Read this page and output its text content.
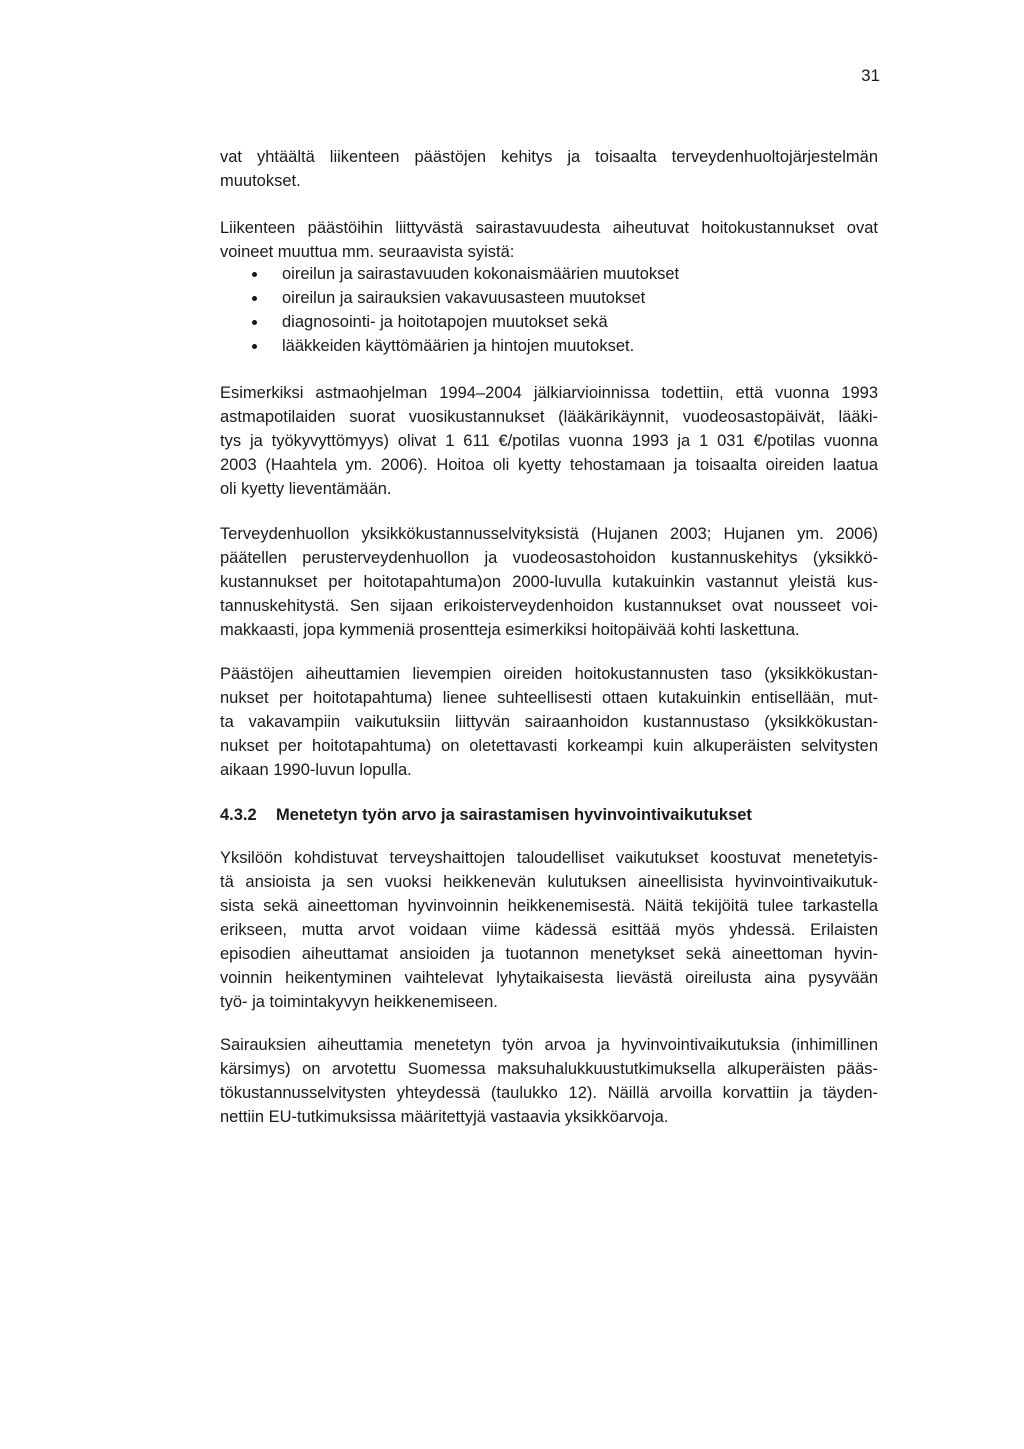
31
vat yhtäältä liikenteen päästöjen kehitys ja toisaalta terveydenhuoltojärjestelmän
muutokset.
Liikenteen päästöihin liittyvästä sairastavuudesta aiheutuvat hoitokustannukset ovat
voineet muuttua mm. seuraavista syistä:
oireilun ja sairastavuuden kokonaismäärien muutokset
oireilun ja sairauksien vakavuusasteen muutokset
diagnosointi- ja hoitotapojen muutokset sekä
lääkkeiden käyttömäärien ja hintojen muutokset.
Esimerkiksi astmaohjelman 1994–2004 jälkiarvioinnissa todettiin, että vuonna 1993
astmapotilaiden suorat vuosikustannukset (lääkärikäynnit, vuodeosastopäivät, lääki-
tys ja työkyvyttömyys) olivat 1 611 €/potilas vuonna 1993 ja 1 031 €/potilas vuonna
2003 (Haahtela ym. 2006). Hoitoa oli kyetty tehostamaan ja toisaalta oireiden laatua
oli kyetty lieventämään.
Terveydenhuollon yksikkökustannusselvityksistä (Hujanen 2003; Hujanen ym. 2006)
päätellen perusterveydenhuollon ja vuodeosastohoidon kustannuskehitys (yksikkö-
kustannukset per hoitotapahtuma)on 2000-luvulla kutakuinkin vastannut yleistä kus-
tannuskehitystä. Sen sijaan erikoisterveydenhoidon kustannukset ovat nousseet voi-
makkaasti, jopa kymmeniä prosentteja esimerkiksi hoitopäivää kohti laskettuna.
Päästöjen aiheuttamien lievempien oireiden hoitokustannusten taso (yksikkökustan-
nukset per hoitotapahtuma) lienee suhteellisesti ottaen kutakuinkin entisellään, mut-
ta vakavampiin vaikutuksiin liittyvän sairaanhoidon kustannustaso (yksikkökustan-
nukset per hoitotapahtuma) on oletettavasti korkeampi kuin alkuperäisten selvitysten
aikaan 1990-luvun lopulla.
4.3.2 Menetetyn työn arvo ja sairastamisen hyvinvointivaikutukset
Yksilöön kohdistuvat terveyshaittojen taloudelliset vaikutukset koostuvat menetetyis-
tä ansioista ja sen vuoksi heikkenevän kulutuksen aineellisista hyvinvointivaikutuk-
sista sekä aineettoman hyvinvoinnin heikkenemisestä. Näitä tekijöitä tulee tarkastella
erikseen, mutta arvot voidaan viime kädessä esittää myös yhdessä. Erilaisten
episodien aiheuttamat ansioiden ja tuotannon menetykset sekä aineettoman hyvin-
voinnin heikentyminen vaihtelevat lyhytaikaisesta lievästä oireilusta aina pysyvään
työ- ja toimintakyvyn heikkenemiseen.
Sairauksien aiheuttamia menetetyn työn arvoa ja hyvinvointivaikutuksia (inhimillinen
kärsimys) on arvotettu Suomessa maksuhalukkuustutkimuksella alkuperäisten pääs-
tökustannusselvitysten yhteydessä (taulukko 12). Näillä arvoilla korvattiin ja täyden-
nettiin EU-tutkimuksissa määritettyjä vastaavia yksikköarvoja.
